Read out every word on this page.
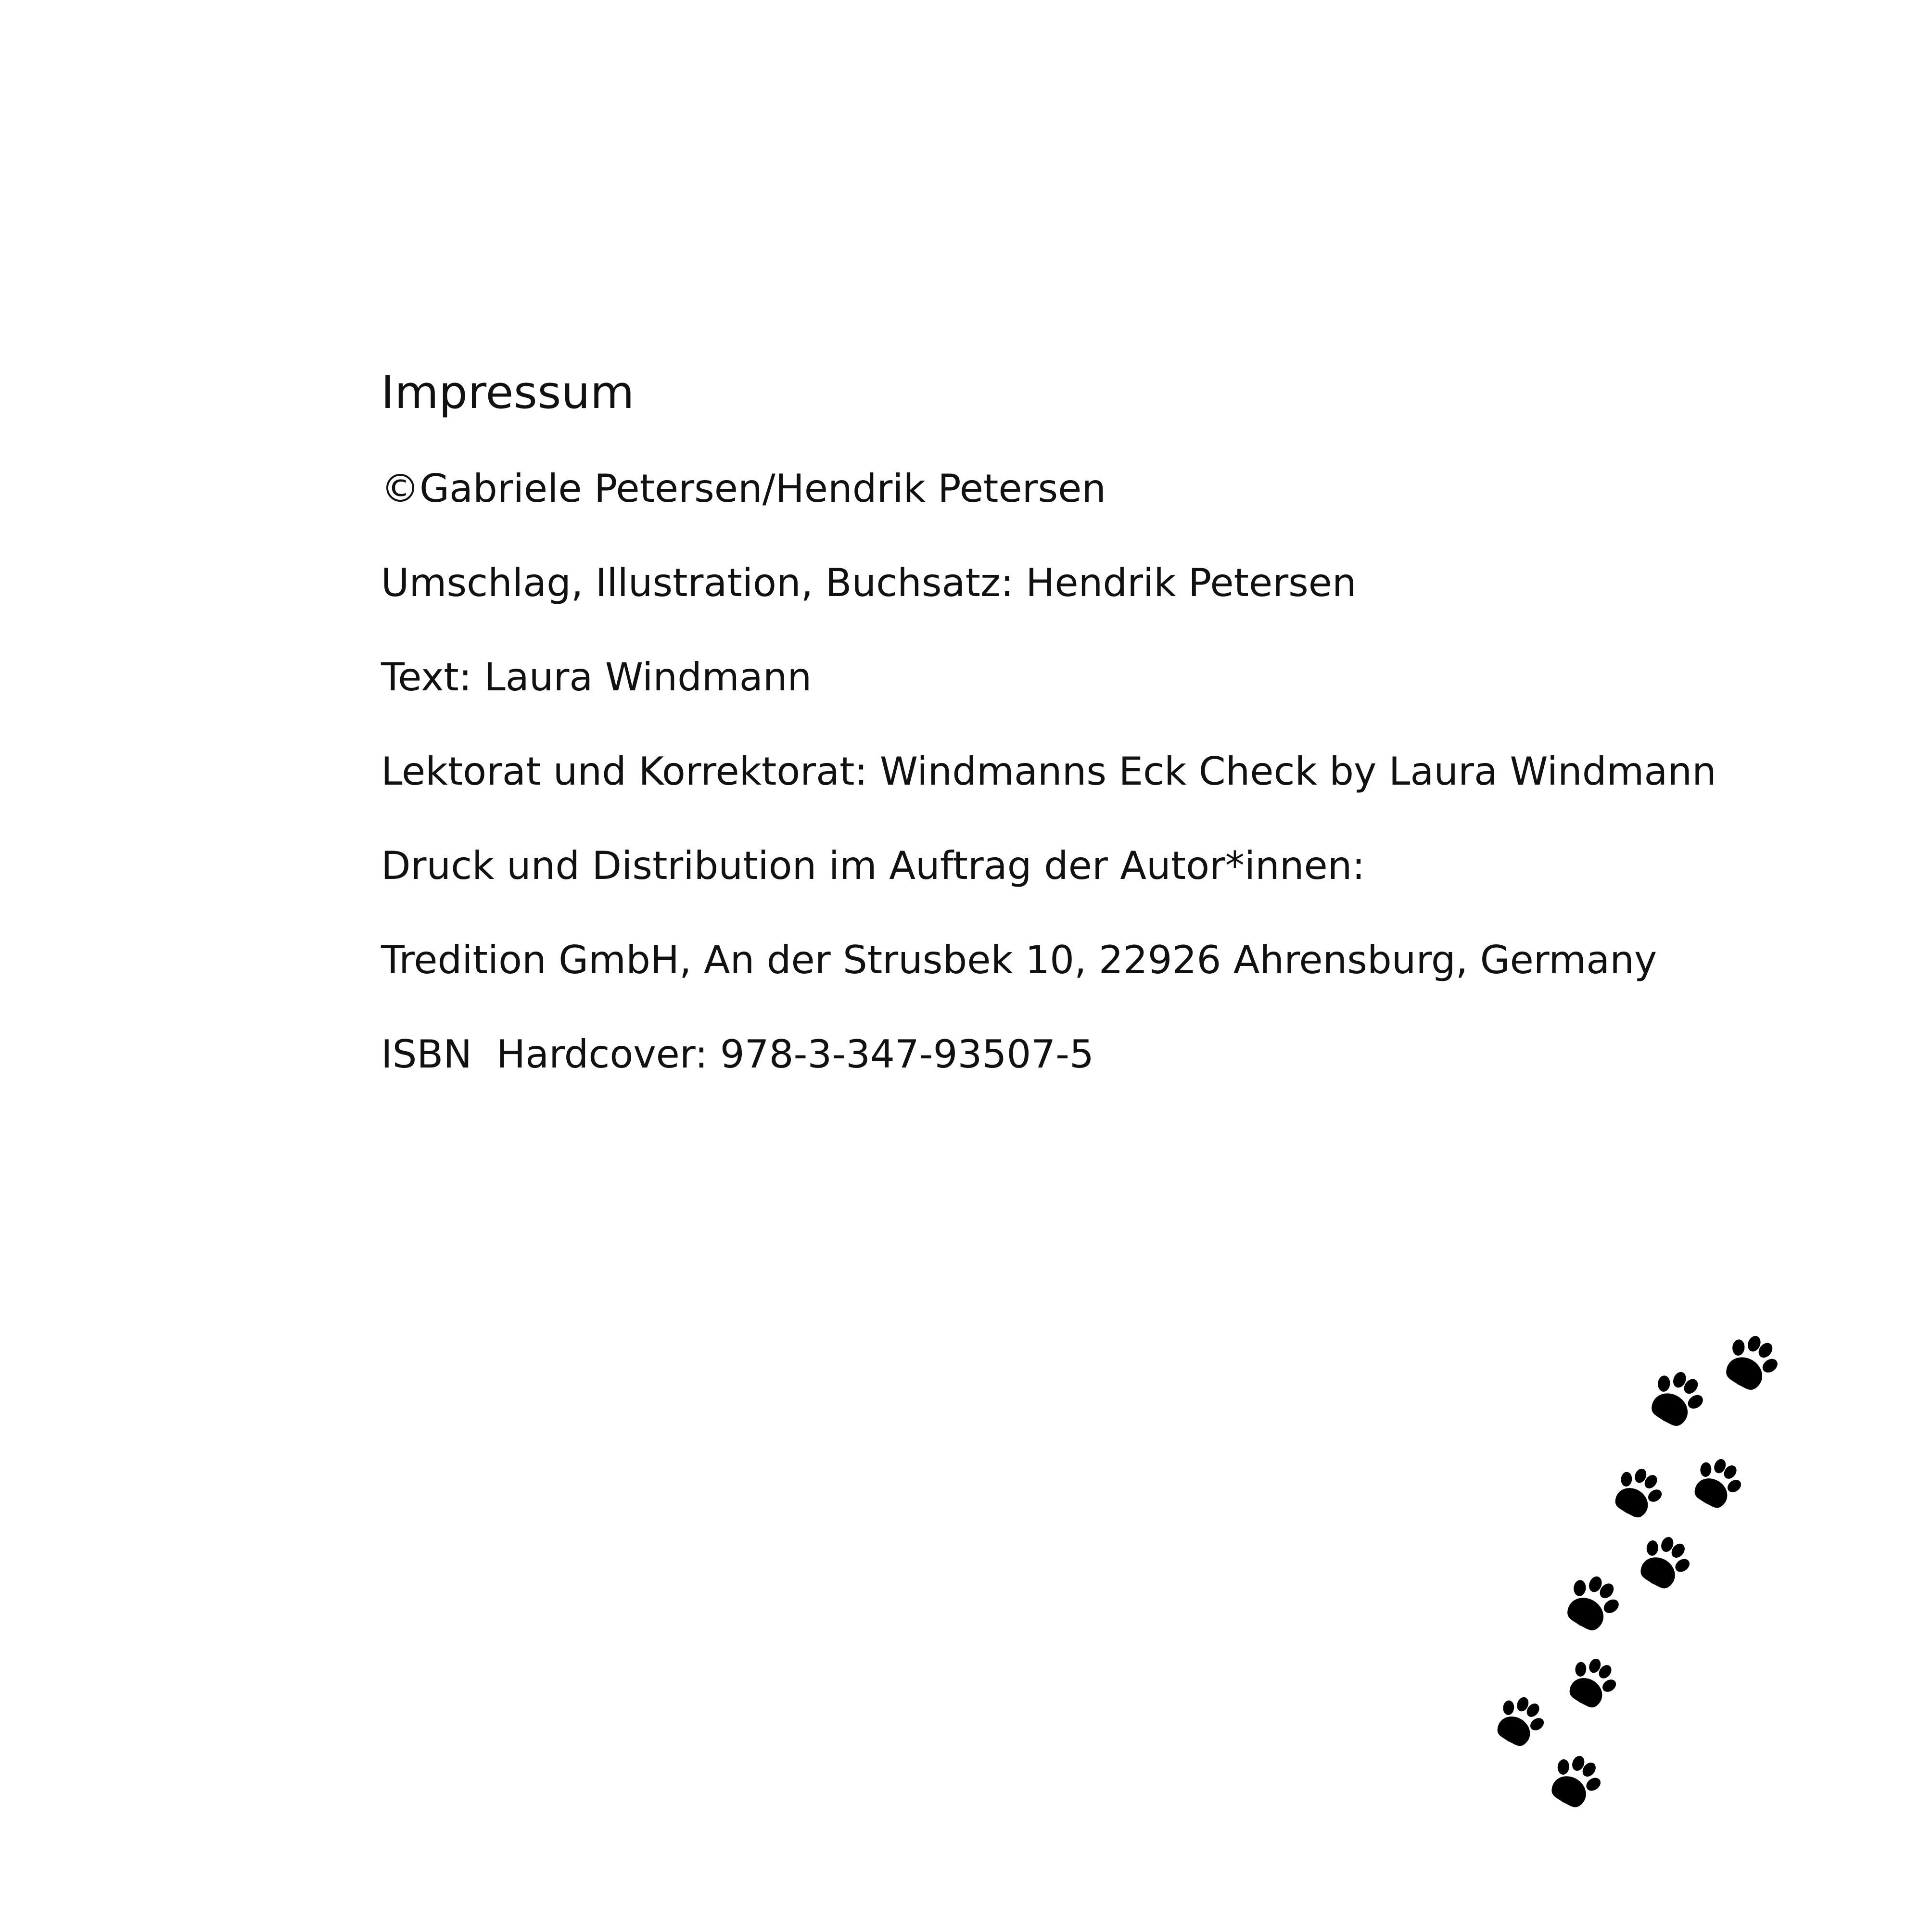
Impressum
©Gabriele Petersen/Hendrik Petersen
Umschlag, Illustration, Buchsatz: Hendrik Petersen
Text: Laura Windmann
Lektorat und Korrektorat: Windmanns Eck Check by Laura Windmann
Druck und Distribution im Auftrag der Autor*innen:
Tredition GmbH, An der Strusbek 10, 22926 Ahrensburg, Germany
ISBN  Hardcover: 978-3-347-93507-5
